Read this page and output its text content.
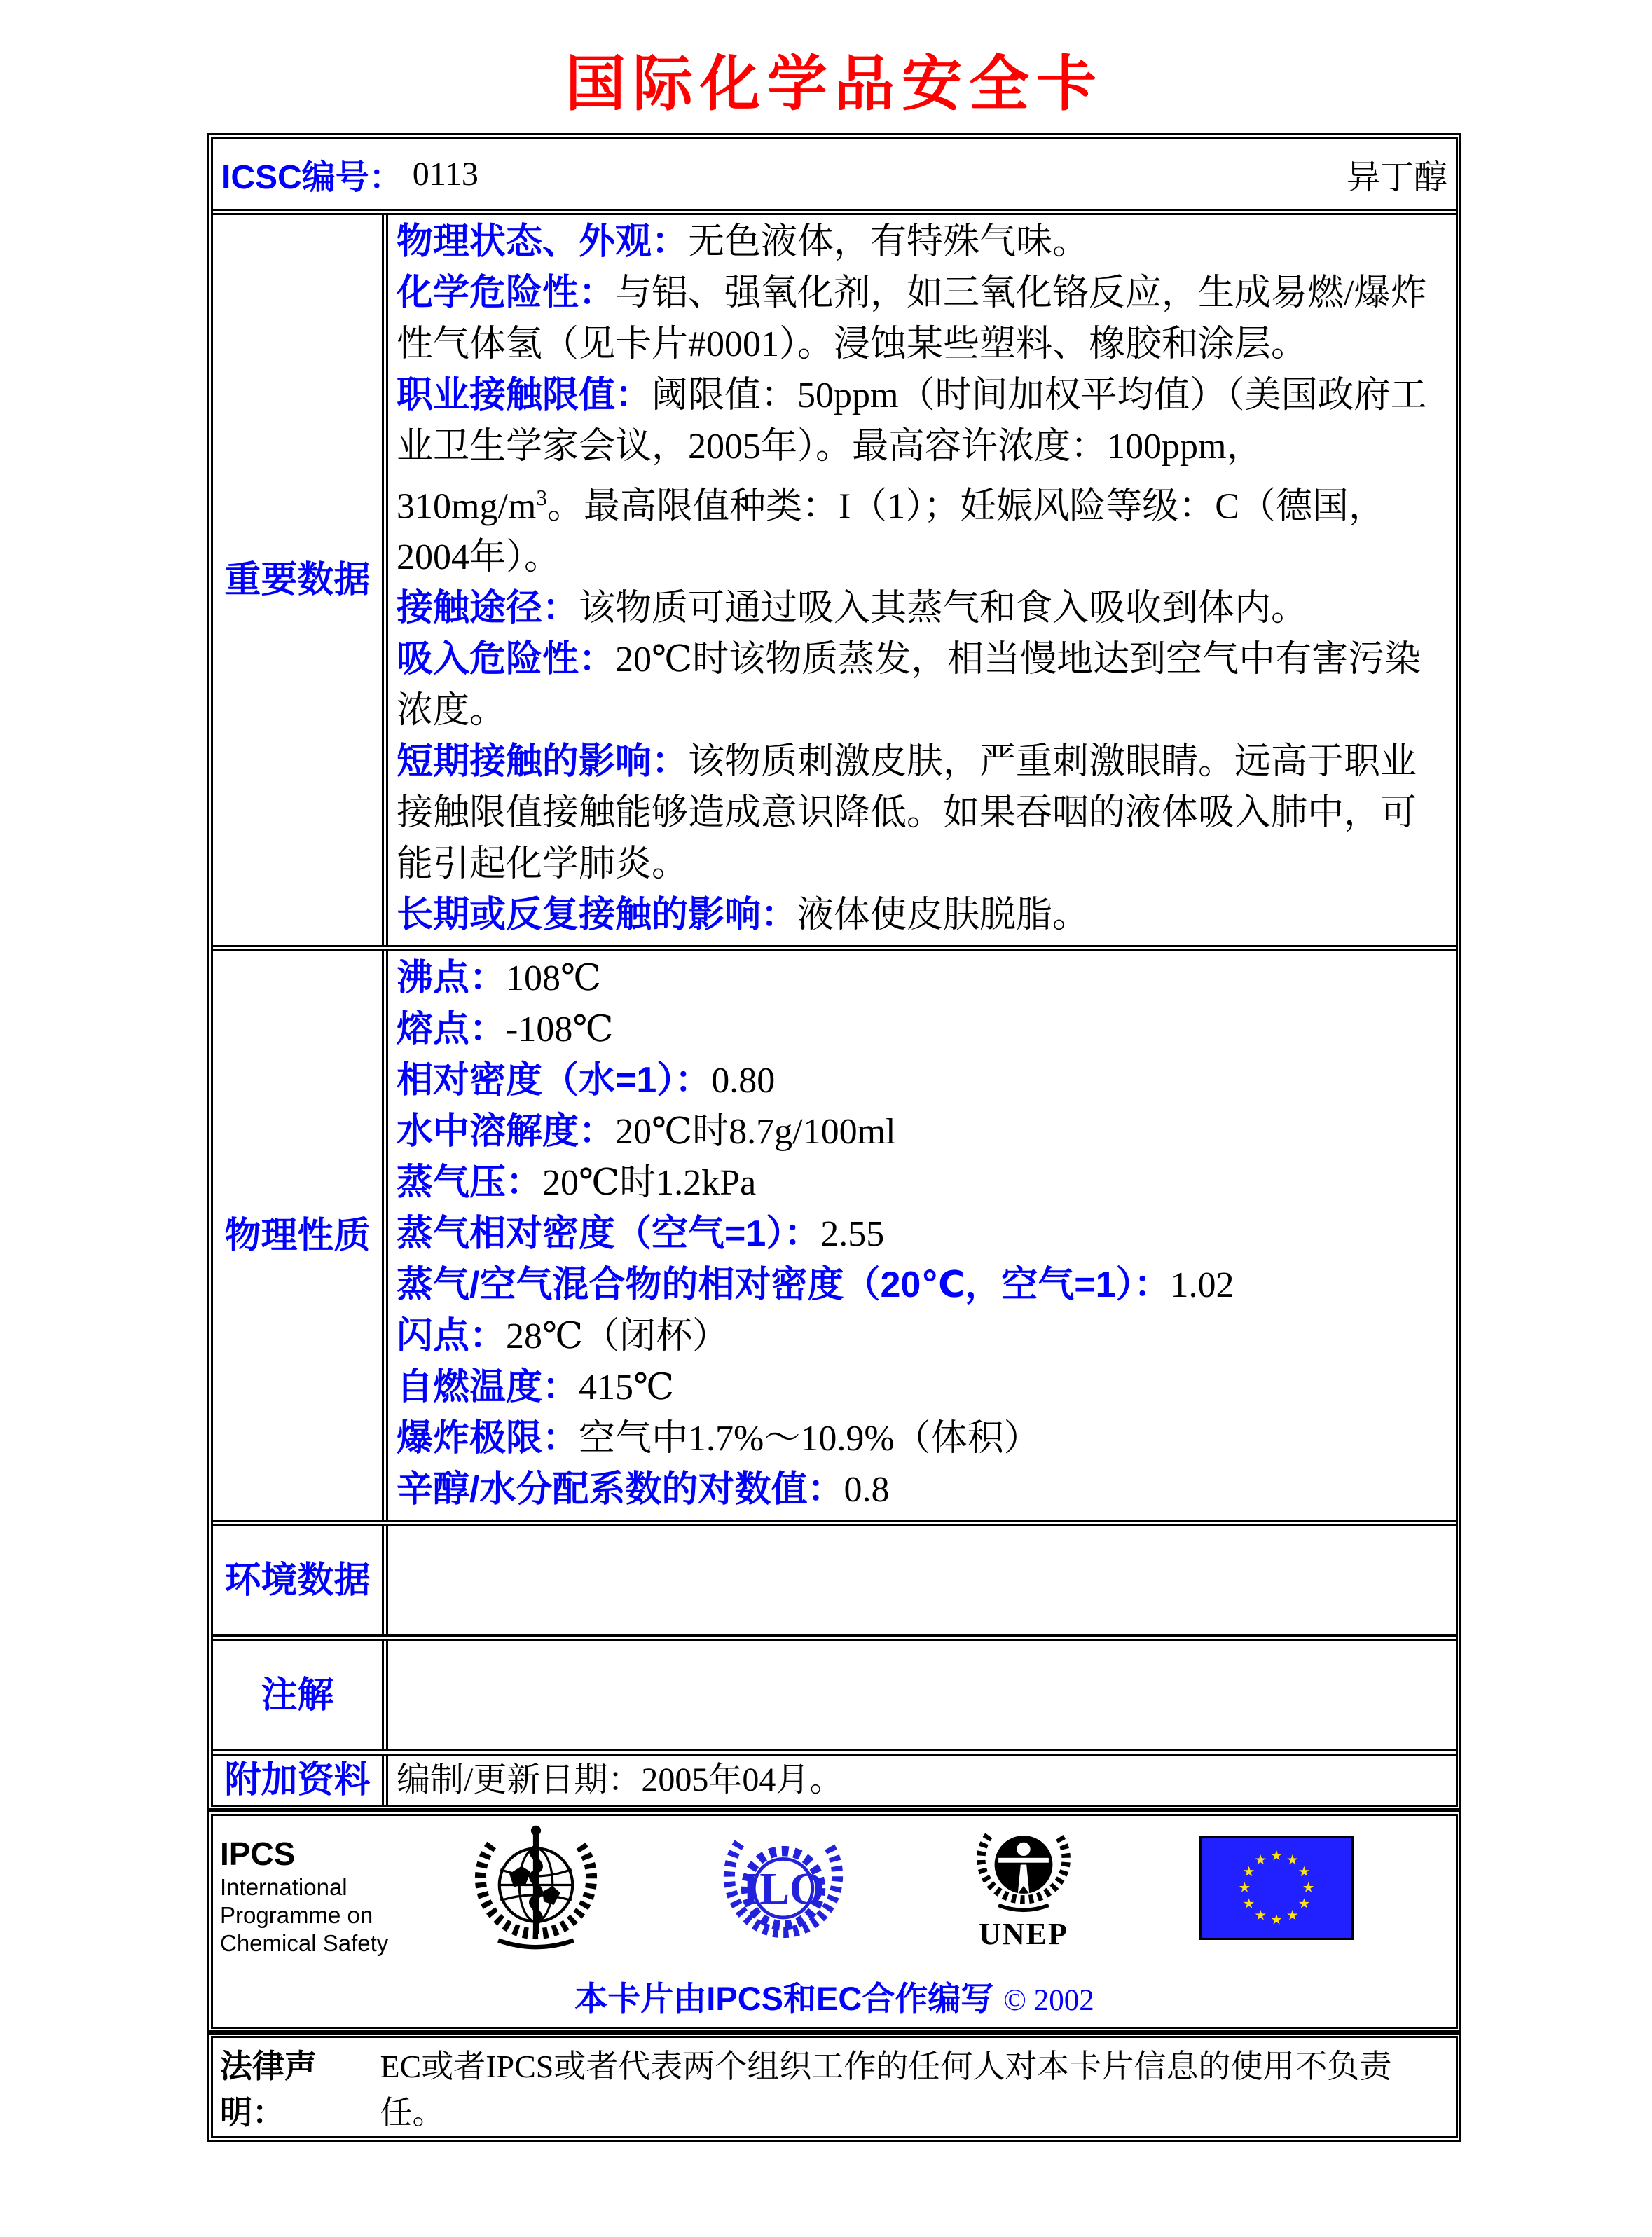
国际化学品安全卡
ICSC编号： 0113	异丁醇
重要数据

物理状态、外观：无色液体，有特殊气味。

化学危险性：与铝、强氧化剂，如三氧化铬反应，生成易燃/爆炸性气体氢（见卡片#0001）。浸蚀某些塑料、橡胶和涂层。

职业接触限值：阈限值：50ppm（时间加权平均值）（美国政府工业卫生学家会议，2005年）。最高容许浓度：100ppm，$310mg/m^3$。最高限值种类：I（1）；妊娠风险等级：C（德国，2004年）。

接触途径：该物质可通过吸入其蒸气和食入吸收到体内。

吸入危险性：20℃时该物质蒸发，相当慢地达到空气中有害污染浓度。

短期接触的影响：该物质刺激皮肤，严重刺激眼睛。远高于职业接触限值接触能够造成意识降低。如果吞咽的液体吸入肺中，可能引起化学肺炎。

长期或反复接触的影响：液体使皮肤脱脂。

物理性质

沸点：108℃

熔点：-108℃

相对密度（水=1）：0.80

水中溶解度：20℃时8.7g/100ml

蒸气压：20℃时1.2kPa

蒸气相对密度（空气=1）：2.55

蒸气/空气混合物的相对密度（20℃，空气=1）：1.02

闪点：28℃（闭杯）

自燃温度：415℃

爆炸极限：空气中1.7%～10.9%（体积）

辛醇/水分配系数的对数值：0.8

环境数据
注解
附加资料 编制/更新日期：2005年04月。

IPCS
International
Programme on
Chemical Safety
ILO
UNEP
本卡片由IPCS和EC合作编写 © 2002
法律声明：
EC或者IPCS或者代表两个组织工作的任何人对本卡片信息的使用不负责任。
